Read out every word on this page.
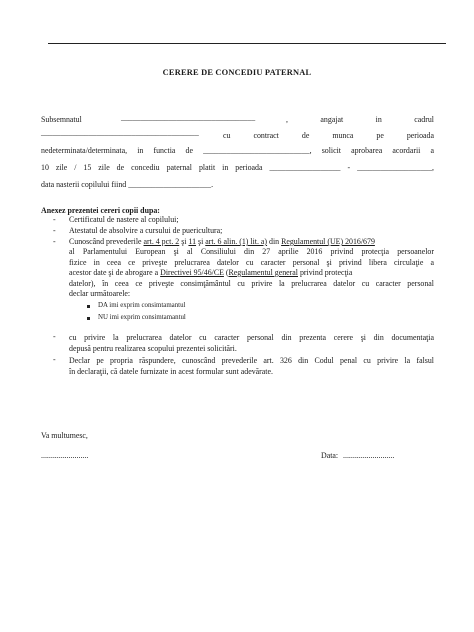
CERERE DE CONCEDIU PATERNAL
Subsemnatul	__________________________________	, angajat in cadrul
________________________________________	cu contract de munca pe perioada
nedeterminata/determinata, in functia de ___________________________, solicit aprobarea acordarii a
10 zile / 15 zile de concediu paternal platit in perioada __________________ - ___________________,
data nasterii copilului fiind _____________________.
Anexez prezentei cereri copii dupa:
- Certificatul de nastere al copilului;
- Atestatul de absolvire a cursului de puericultura;
- Cunoscând prevederile art. 4 pct. 2 şi 11 şi art. 6 alin. (1) lit. a) din Regulamentul (UE) 2016/679
al Parlamentului European şi al Consiliului din 27 aprilie 2016 privind protecţia persoanelor
fizice in ceea ce priveşte prelucrarea datelor cu caracter personal şi privind libera circulaţie a
acestor date şi de abrogare a Directivei 95/46/CE (Regulamentul general privind protecţia
datelor), în ceea ce priveşte consimţământul cu privire la prelucrarea datelor cu caracter personal
declar următoarele:
DA imi exprim consimtamantul
NU imi exprim consimtamantul
- cu privire la prelucrarea datelor cu caracter personal din prezenta cerere şi din documentaţia
depusă pentru realizarea scopului prezentei solicitări.
- Declar pe propria răspundere, cunoscând prevederile art. 326 din Codul penal cu privire la falsul
în declaraţii, că datele furnizate in acest formular sunt adevărate.
Va multumesc,
........................	Data: ..........................
